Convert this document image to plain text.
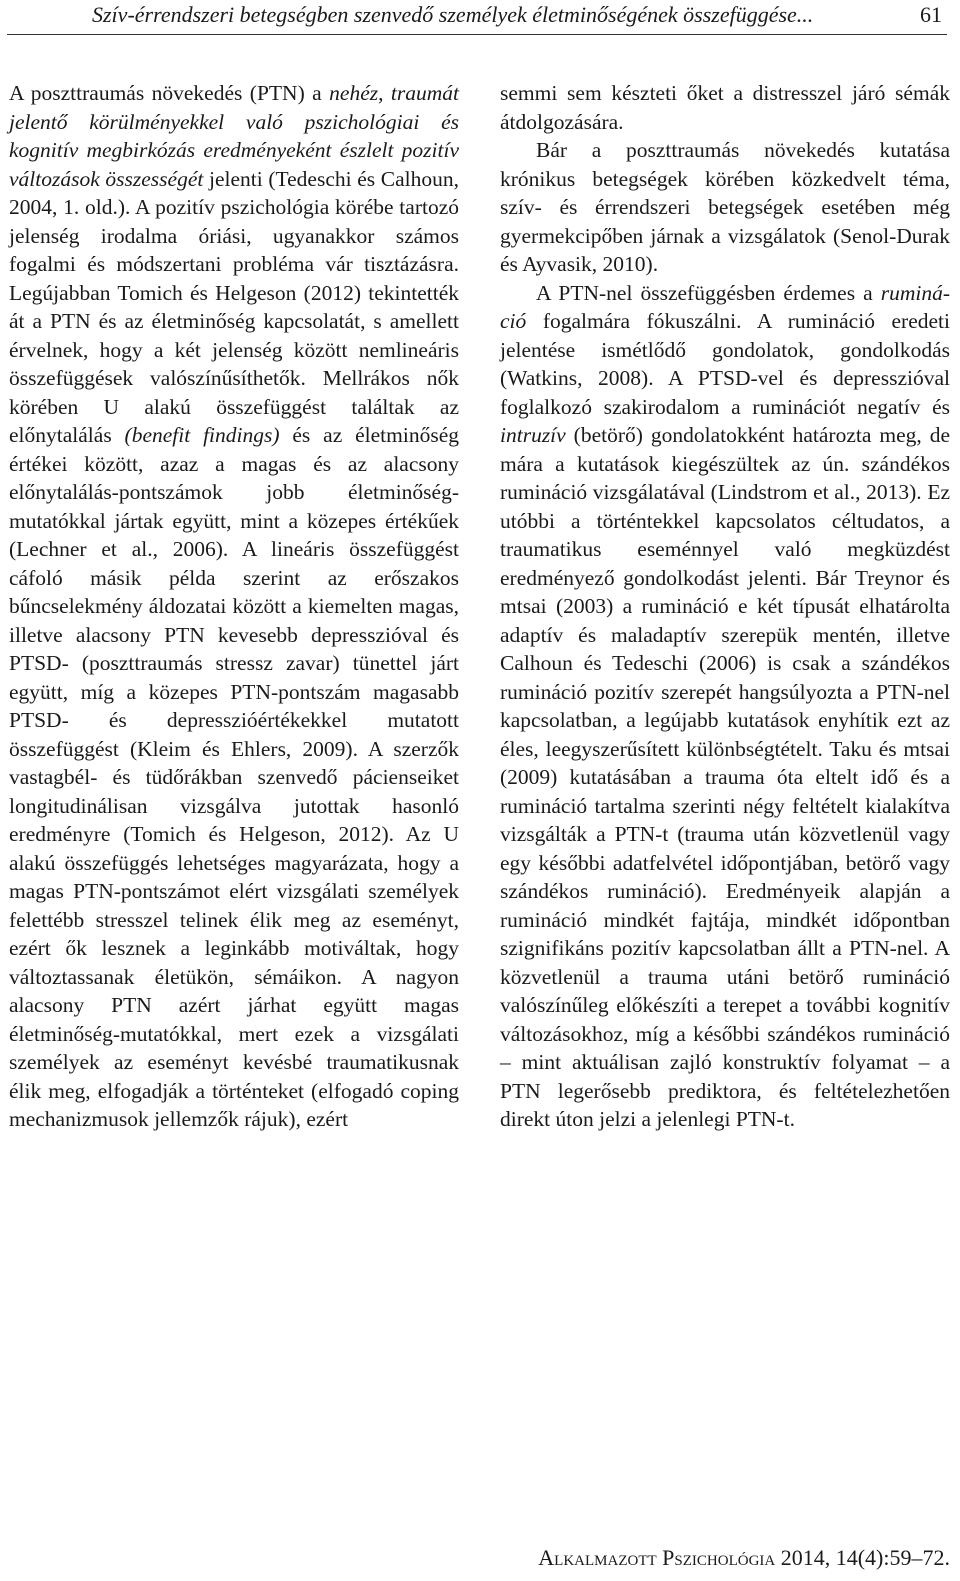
Szív-érrendszeri betegségben szenvedő személyek életminőségének összefüggése...	61

A poszttraumás növekedés (PTN) a nehéz, traumát jelentő körülményekkel való pszichológiai és kognitív megbirkózás eredményeként észlelt pozitív változások összességét jelenti (Tedeschi és Calhoun, 2004, 1. old.). A pozitív pszichológia körébe tartozó jelenség irodalma óriási, ugyanakkor számos fogalmi és módszertani probléma vár tisztázásra. Legújabban Tomich és Helgeson (2012) tekintették át a PTN és az életminőség kapcsolatát, s amellett érvelnek, hogy a két jelenség között nemlineáris összefüggések valószínűsíthetők. Mellrákos nők körében U alakú összefüggést találtak az előnytalálás (benefit findings) és az életminőség értékei között, azaz a magas és az alacsony előnytalálás-pontszámok jobb életminőség-mutatókkal jártak együtt, mint a közepes értékűek (Lechner et al., 2006). A lineáris összefüggést cáfoló másik példa szerint az erőszakos bűncselekmény áldozatai között a kiemelten magas, illetve alacsony PTN kevesebb depresszióval és PTSD- (poszttraumás stressz zavar) tünettel járt együtt, míg a közepes PTN-pontszám magasabb PTSD- és depresszióértékekkel mutatott összefüggést (Kleim és Ehlers, 2009). A szerzők vastagbél- és tüdőrákban szenvedő pácienseiket longitudinálisan vizsgálva jutottak hasonló eredményre (Tomich és Helgeson, 2012). Az U alakú összefüggés lehetséges magyarázata, hogy a magas PTN-pontszámot elért vizsgálati személyek felettébb stresszel telinek élik meg az eseményt, ezért ők lesznek a leginkább motiváltak, hogy változtassanak életükön, sémáikon. A nagyon alacsony PTN azért járhat együtt magas életminőség-mutatókkal, mert ezek a vizsgálati személyek az eseményt kevésbé traumatikusnak élik meg, elfogadják a történteket (elfogadó coping mechanizmusok jellemzők rájuk), ezért

semmi sem készteti őket a distresszel járó sémák átdolgozására.

Bár a poszttraumás növekedés kutatása krónikus betegségek körében közkedvelt téma, szív- és érrendszeri betegségek esetében még gyermekcipőben járnak a vizsgálatok (Senol-Durak és Ayvasik, 2010).

A PTN-nel összefüggésben érdemes a rumináció fogalmára fókuszálni. A rumináció eredeti jelentése ismétlődő gondolatok, gondolkodás (Watkins, 2008). A PTSD-vel és depresszióval foglalkozó szakirodalom a ruminációt negatív és intruzív (betörő) gondolatokként határozta meg, de mára a kutatások kiegészültek az ún. szándékos rumináció vizsgálatával (Lindstrom et al., 2013). Ez utóbbi a történtekkel kapcsolatos céltudatos, a traumatikus eseménnyel való megküzdést eredményező gondolkodást jelenti. Bár Treynor és mtsai (2003) a rumináció e két típusát elhatárolta adaptív és maladaptív szerepük mentén, illetve Calhoun és Tedeschi (2006) is csak a szándékos rumináció pozitív szerepét hangsúlyozta a PTN-nel kapcsolatban, a legújabb kutatások enyhítik ezt az éles, leegyszerűsített különbségtételt. Taku és mtsai (2009) kutatásában a trauma óta eltelt idő és a rumináció tartalma szerinti négy feltételt kialakítva vizsgálták a PTN-t (trauma után közvetlenül vagy egy későbbi adatfelvétel időpontjában, betörő vagy szándékos rumináció). Eredményeik alapján a rumináció mindkét fajtája, mindkét időpontban szignifikáns pozitív kapcsolatban állt a PTN-nel. A közvetlenül a trauma utáni betörő rumináció valószínűleg előkészíti a terepet a további kognitív változásokhoz, míg a későbbi szándékos rumináció – mint aktuálisan zajló konstruktív folyamat – a PTN legerősebb prediktora, és feltételezhetően direkt úton jelzi a jelenlegi PTN-t.

Alkalmazott Pszichológia 2014, 14(4):59–72.
